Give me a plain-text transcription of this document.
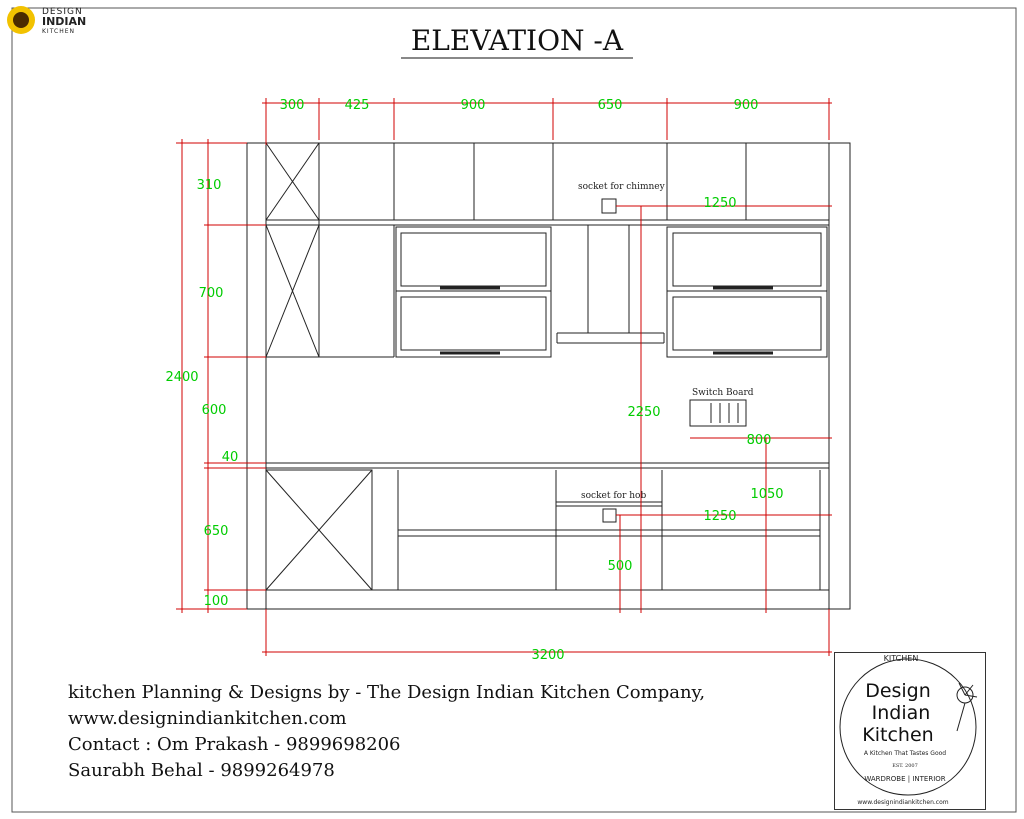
ELEVATION -A
300	425	900	650	900
310
700
600
40
650
100
2400
3200
2250
1250
800
1050
1250
500
socket for chimney
Switch Board
socket for hob
DESIGN
INDIAN
KITCHEN
kitchen Planning & Designs by - The Design Indian Kitchen Company,
www.designindiankitchen.com
Contact : Om Prakash - 9899698206
Saurabh Behal - 9899264978
KITCHEN
Design
Indian
Kitchen
A Kitchen That Tastes Good
EST. 2007
WARDROBE | INTERIOR
www.designindiankitchen.com
